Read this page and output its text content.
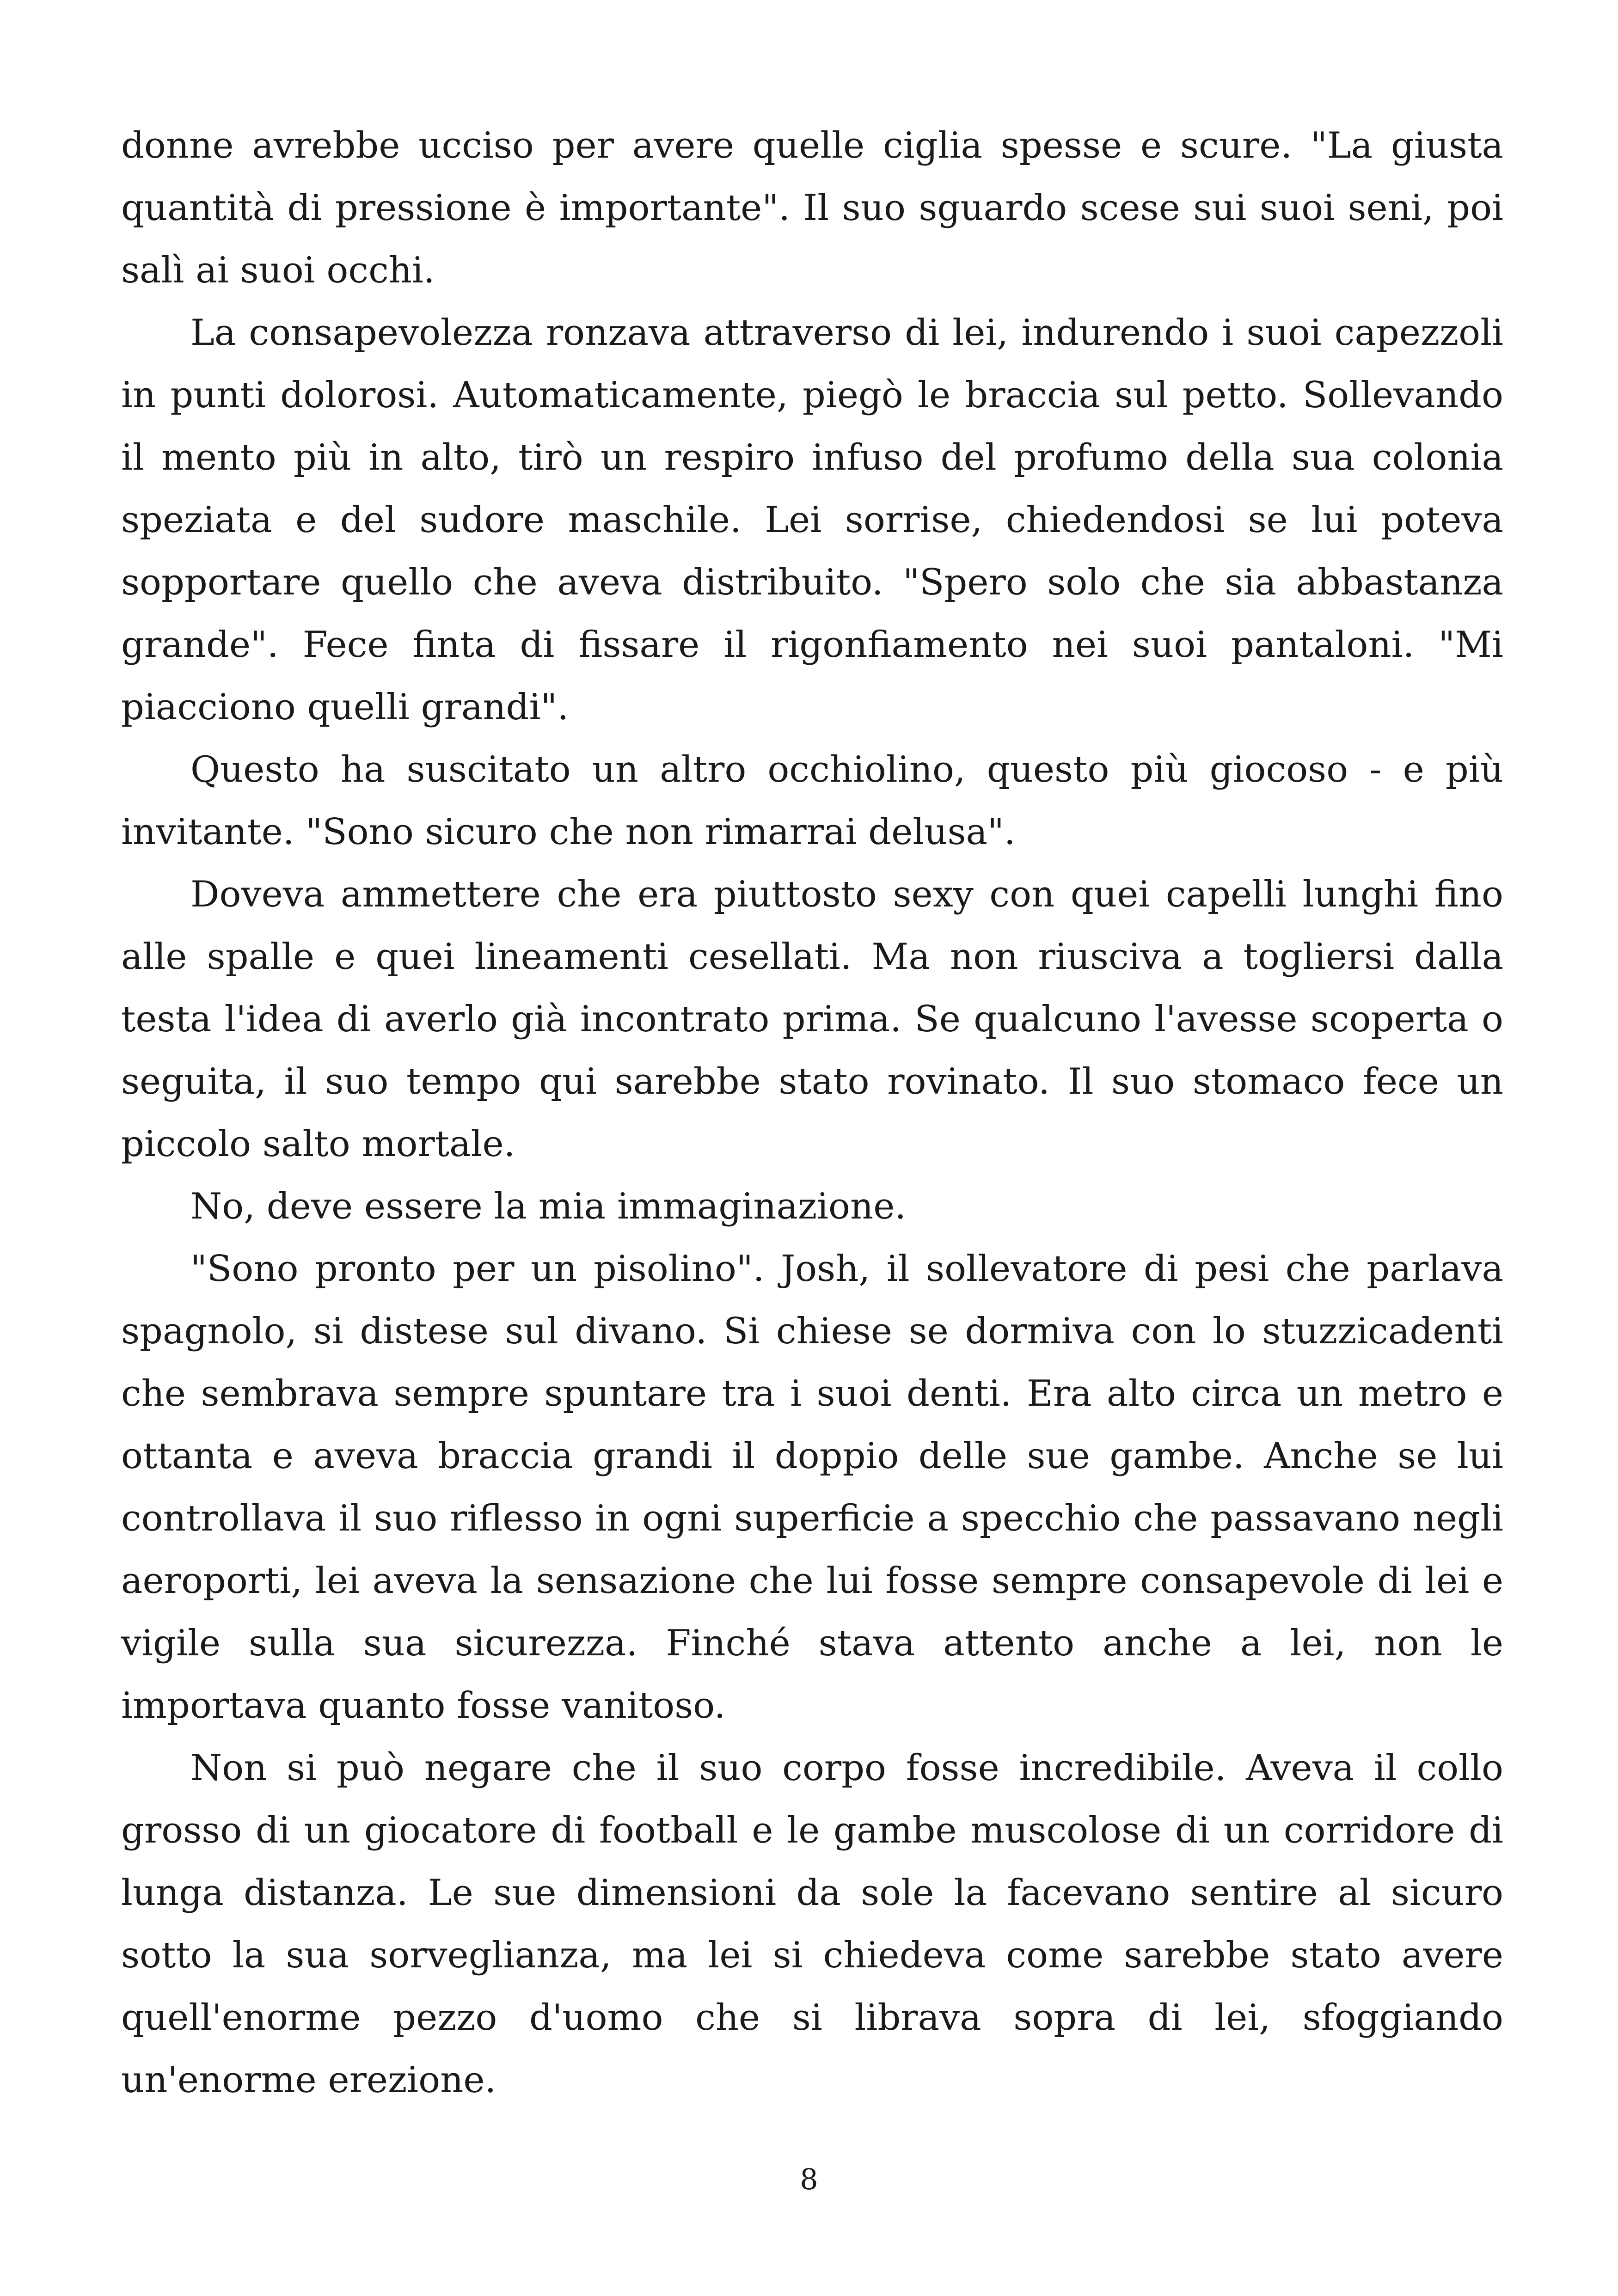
donne avrebbe ucciso per avere quelle ciglia spesse e scure. "La giusta quantità di pressione è importante". Il suo sguardo scese sui suoi seni, poi salì ai suoi occhi.

La consapevolezza ronzava attraverso di lei, indurendo i suoi capezzoli in punti dolorosi. Automaticamente, piegò le braccia sul petto. Sollevando il mento più in alto, tirò un respiro infuso del profumo della sua colonia speziata e del sudore maschile. Lei sorrise, chiedendosi se lui poteva sopportare quello che aveva distribuito. "Spero solo che sia abbastanza grande". Fece finta di fissare il rigonfiamento nei suoi pantaloni. "Mi piacciono quelli grandi".

Questo ha suscitato un altro occhiolino, questo più giocoso - e più invitante. "Sono sicuro che non rimarrai delusa".

Doveva ammettere che era piuttosto sexy con quei capelli lunghi fino alle spalle e quei lineamenti cesellati. Ma non riusciva a togliersi dalla testa l'idea di averlo già incontrato prima. Se qualcuno l'avesse scoperta o seguita, il suo tempo qui sarebbe stato rovinato. Il suo stomaco fece un piccolo salto mortale.

No, deve essere la mia immaginazione.

"Sono pronto per un pisolino". Josh, il sollevatore di pesi che parlava spagnolo, si distese sul divano. Si chiese se dormiva con lo stuzzicadenti che sembrava sempre spuntare tra i suoi denti. Era alto circa un metro e ottanta e aveva braccia grandi il doppio delle sue gambe. Anche se lui controllava il suo riflesso in ogni superficie a specchio che passavano negli aeroporti, lei aveva la sensazione che lui fosse sempre consapevole di lei e vigile sulla sua sicurezza. Finché stava attento anche a lei, non le importava quanto fosse vanitoso.

Non si può negare che il suo corpo fosse incredibile. Aveva il collo grosso di un giocatore di football e le gambe muscolose di un corridore di lunga distanza. Le sue dimensioni da sole la facevano sentire al sicuro sotto la sua sorveglianza, ma lei si chiedeva come sarebbe stato avere quell'enorme pezzo d'uomo che si librava sopra di lei, sfoggiando un'enorme erezione.

8
